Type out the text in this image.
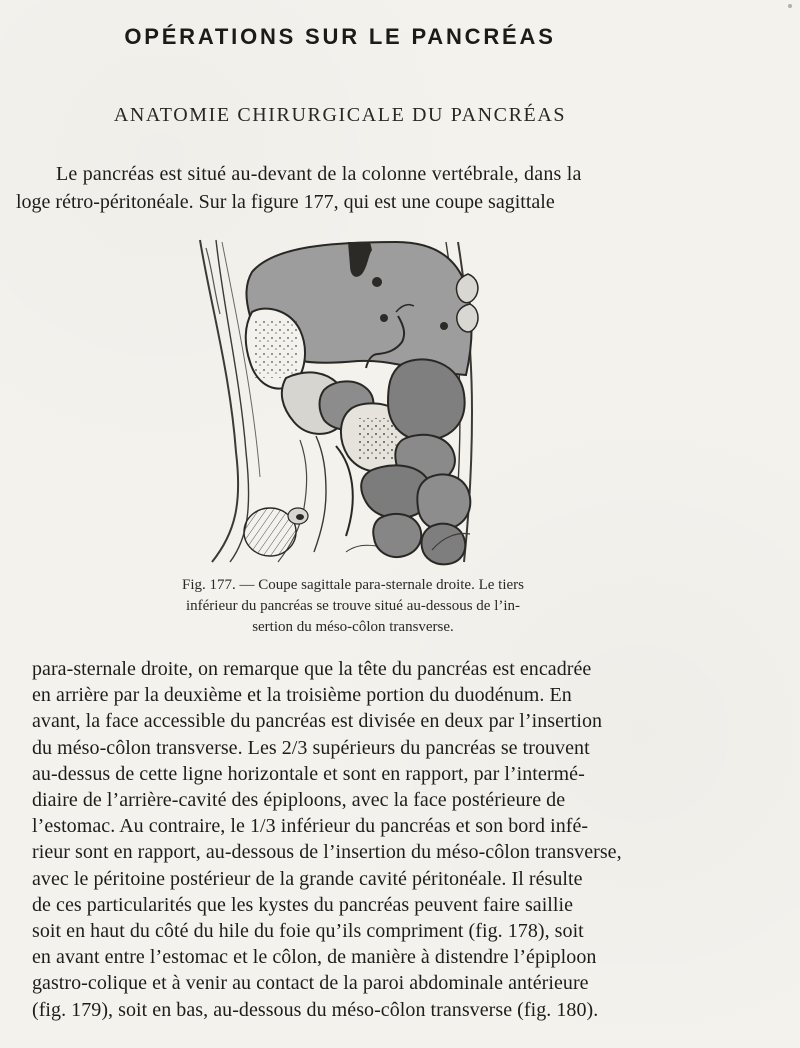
OPÉRATIONS SUR LE PANCRÉAS
ANATOMIE CHIRURGICALE DU PANCRÉAS

Le pancréas est situé au-devant de la colonne vertébrale, dans la

loge rétro-péritonéale. Sur la figure 177, qui est une coupe sagittale

Fig. 177. — Coupe sagittale para-sternale droite. Le tiers

inférieur du pancréas se trouve situé au-dessous de l’in-

sertion du méso-côlon transverse.

para-sternale droite, on remarque que la tête du pancréas est encadrée

en arrière par la deuxième et la troisième portion du duodénum. En

avant, la face accessible du pancréas est divisée en deux par l’insertion

du méso-côlon transverse. Les 2/3 supérieurs du pancréas se trouvent

au-dessus de cette ligne horizontale et sont en rapport, par l’intermé-

diaire de l’arrière-cavité des épiploons, avec la face postérieure de

l’estomac. Au contraire, le 1/3 inférieur du pancréas et son bord infé-

rieur sont en rapport, au-dessous de l’insertion du méso-côlon transverse,

avec le péritoine postérieur de la grande cavité péritonéale. Il résulte

de ces particularités que les kystes du pancréas peuvent faire saillie

soit en haut du côté du hile du foie qu’ils compriment (fig. 178), soit

en avant entre l’estomac et le côlon, de manière à distendre l’épiploon

gastro-colique et à venir au contact de la paroi abdominale antérieure

(fig. 179), soit en bas, au-dessous du méso-côlon transverse (fig. 180).
